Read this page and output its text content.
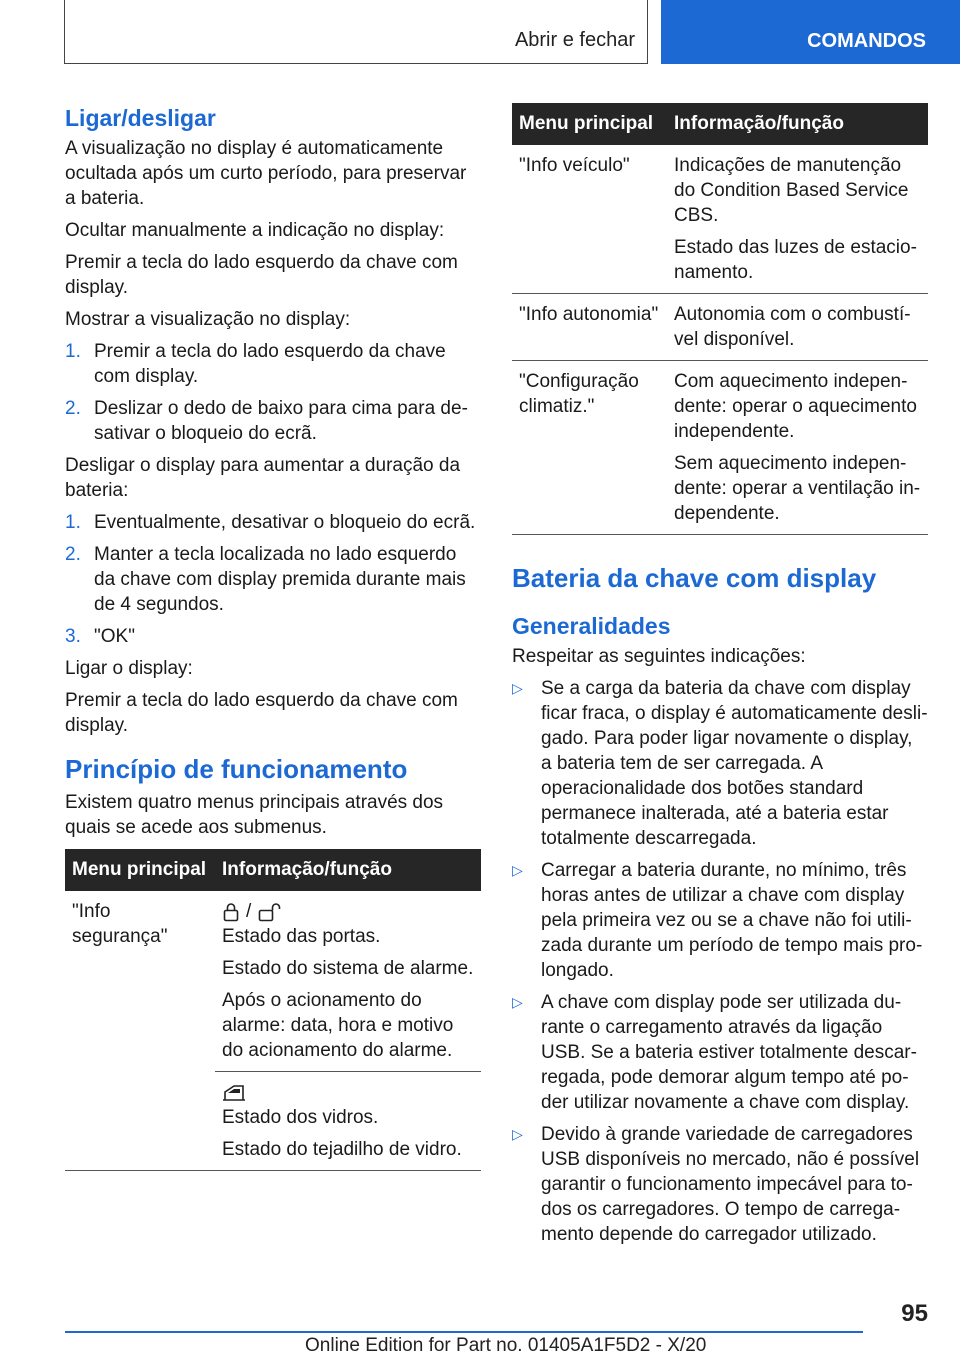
Abrir e fechar	COMANDOS
Ligar/desligar

A visualização no display é automaticamente ocultada após um curto período, para preservar a bateria.

Ocultar manualmente a indicação no display:

Premir a tecla do lado esquerdo da chave com display.

Mostrar a visualização no display:

1. Premir a tecla do lado esquerdo da chave com display.
2. Deslizar o dedo de baixo para cima para desativar o bloqueio do ecrã.

Desligar o display para aumentar a duração da bateria:

1. Eventualmente, desativar o bloqueio do ecrã.
2. Manter a tecla localizada no lado esquerdo da chave com display premida durante mais de 4 segundos.
3. "OK"

Ligar o display:

Premir a tecla do lado esquerdo da chave com display.

Princípio de funcionamento

Existem quatro menus principais através dos quais se acede aos submenus.

Menu principal	Informação/função
"Info segurança"	/

Estado das portas.

Estado do sistema de alarme.

Após o acionamento do alarme: data, hora e motivo do acionamento do alarme.

	Estado dos vidros.

Estado do tejadilho de vidro.

Menu principal	Informação/função
"Info veículo"	Indicações de manutenção do Condition Based Service CBS.

Estado das luzes de estacionamento.

"Info autonomia"	Autonomia com o combustível disponível.

"Configuração climatiz."	Com aquecimento independente: operar o aquecimento independente.

Sem aquecimento independente: operar a ventilação independente.

Bateria da chave com display
Generalidades

Respeitar as seguintes indicações:

▷ Se a carga da bateria da chave com display ficar fraca, o display é automaticamente desligado. Para poder ligar novamente o display, a bateria tem de ser carregada. A operacionalidade dos botões standard permanece inalterada, até a bateria estar totalmente descarregada.
▷ Carregar a bateria durante, no mínimo, três horas antes de utilizar a chave com display pela primeira vez ou se a chave não foi utilizada durante um período de tempo mais prolongado.
▷ A chave com display pode ser utilizada durante o carregamento através da ligação USB. Se a bateria estiver totalmente descarregada, pode demorar algum tempo até poder utilizar novamente a chave com display.
▷ Devido à grande variedade de carregadores USB disponíveis no mercado, não é possível garantir o funcionamento impecável para todos os carregadores. O tempo de carregamento depende do carregador utilizado.
95
Online Edition for Part no. 01405A1F5D2 - X/20
